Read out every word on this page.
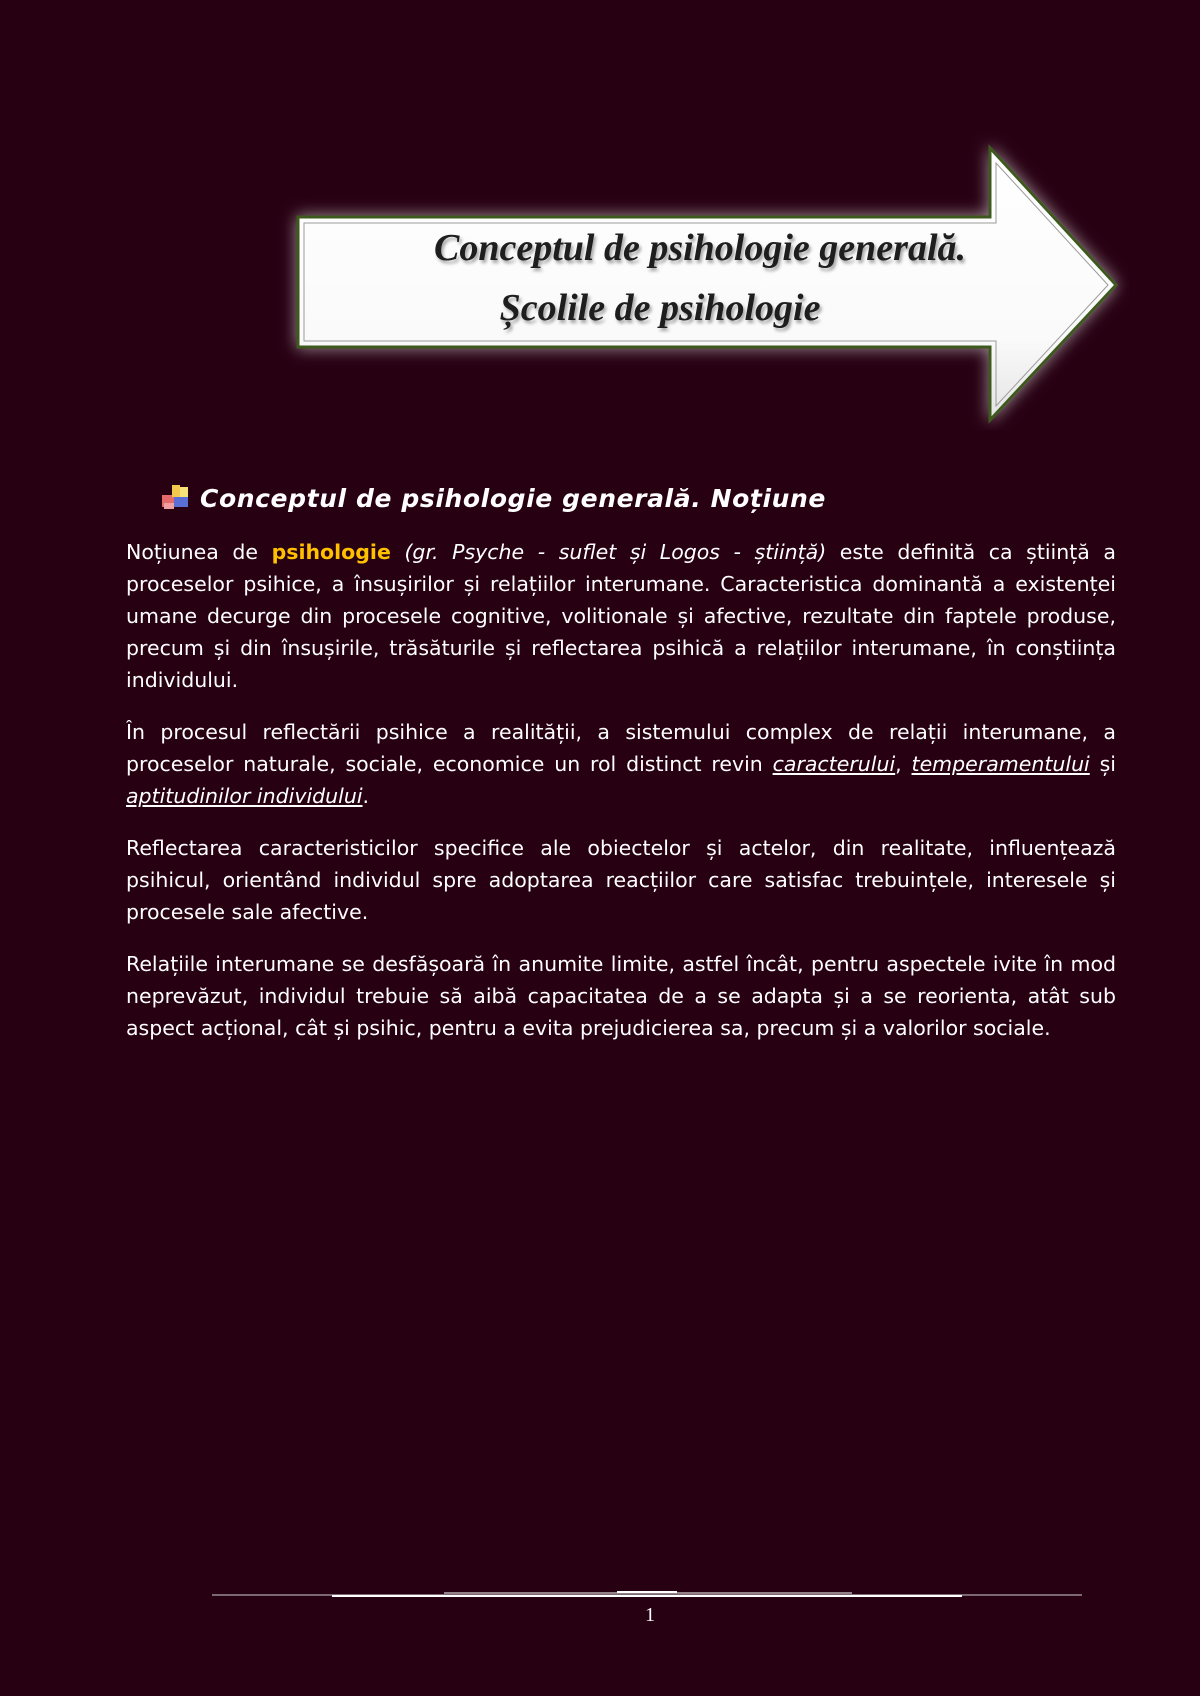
Conceptul de psihologie generală.
Școlile de psihologie
Conceptul de psihologie generală. Noțiune

Noțiunea de psihologie (gr. Psyche - suflet și Logos - știință) este definită ca știință a proceselor psihice, a însușirilor și relațiilor interumane. Caracteristica dominantă a existenței umane decurge din procesele cognitive, volitionale și afective, rezultate din faptele produse, precum și din însușirile, trăsăturile și reflectarea psihică a relațiilor interumane, în conștiința individului.

În procesul reflectării psihice a realității, a sistemului complex de relații interumane, a proceselor naturale, sociale, economice un rol distinct revin caracterului, temperamentului și aptitudinilor individului.

Reflectarea caracteristicilor specifice ale obiectelor și actelor, din realitate, influențează psihicul, orientând individul spre adoptarea reacțiilor care satisfac trebuințele, interesele și procesele sale afective.

Relațiile interumane se desfășoară în anumite limite, astfel încât, pentru aspectele ivite în mod neprevăzut, individul trebuie să aibă capacitatea de a se adapta și a se reorienta, atât sub aspect acțional, cât și psihic, pentru a evita prejudicierea sa, precum și a valorilor sociale.

1
